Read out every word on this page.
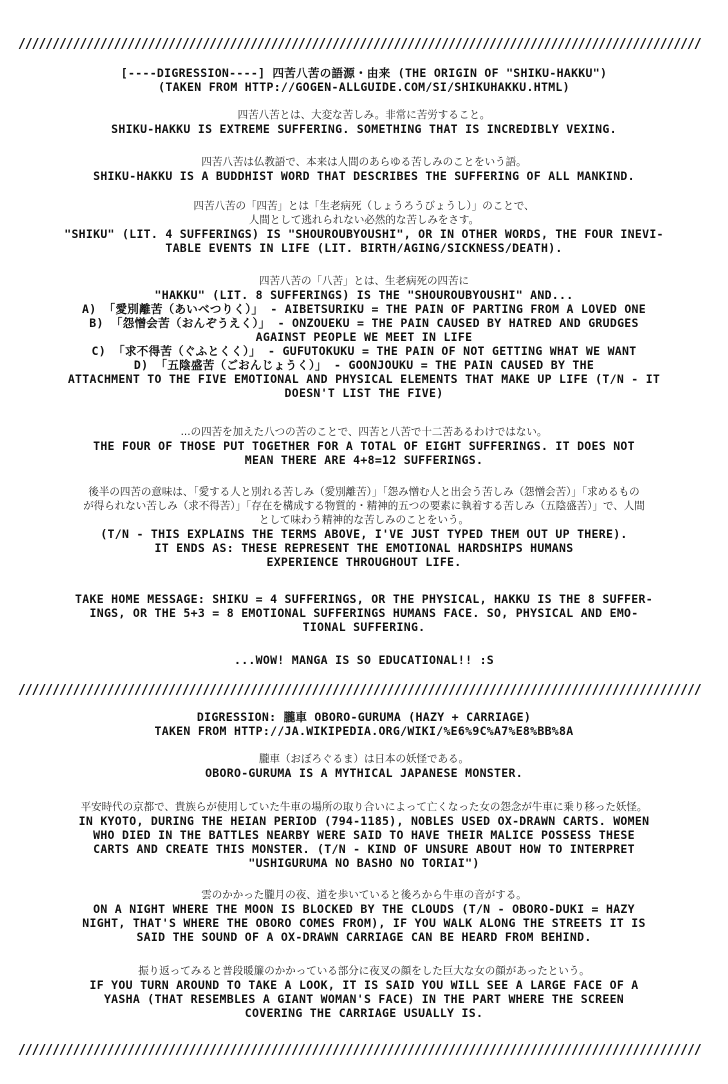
////////////////////////////////////////////////////////////////////////////////////////////////////

[----DIGRESSION----] 四苦八苦の語源・由来 (THE ORIGIN OF "SHIKU-HAKKU")
(TAKEN FROM HTTP://GOGEN-ALLGUIDE.COM/SI/SHIKUHAKKU.HTML)

四苦八苦とは、大変な苦しみ。非常に苦労すること。

SHIKU-HAKKU IS EXTREME SUFFERING. SOMETHING THAT IS INCREDIBLY VEXING.

四苦八苦は仏教語で、本来は人間のあらゆる苦しみのことをいう語。

SHIKU-HAKKU IS A BUDDHIST WORD THAT DESCRIBES THE SUFFERING OF ALL MANKIND.

四苦八苦の「四苦」とは「生老病死（しょうろうびょうし）」のことで、
人間として逃れられない必然的な苦しみをさす。

"SHIKU" (LIT. 4 SUFFERINGS) IS "SHOUROUBYOUSHI", OR IN OTHER WORDS, THE FOUR INEVI-
TABLE EVENTS IN LIFE (LIT. BIRTH/AGING/SICKNESS/DEATH).

四苦八苦の「八苦」とは、生老病死の四苦に

"HAKKU" (LIT. 8 SUFFERINGS) IS THE "SHOUROUBYOUSHI" AND...
A) 「愛別離苦（あいべつりく）」 - AIBETSURIKU = THE PAIN OF PARTING FROM A LOVED ONE
B) 「怨憎会苦（おんぞうえく）」 - ONZOUEKU = THE PAIN CAUSED BY HATRED AND GRUDGES
AGAINST PEOPLE WE MEET IN LIFE
C) 「求不得苦（ぐふとくく）」 - GUFUTOKUKU = THE PAIN OF NOT GETTING WHAT WE WANT
D) 「五陰盛苦（ごおんじょうく）」 - GOONJOUKU = THE PAIN CAUSED BY THE
ATTACHMENT TO THE FIVE EMOTIONAL AND PHYSICAL ELEMENTS THAT MAKE UP LIFE (T/N - IT
DOESN'T LIST THE FIVE)

...の四苦を加えた八つの苦のことで、四苦と八苦で十二苦あるわけではない。

THE FOUR OF THOSE PUT TOGETHER FOR A TOTAL OF EIGHT SUFFERINGS. IT DOES NOT
MEAN THERE ARE 4+8=12 SUFFERINGS.

後半の四苦の意味は、「愛する人と別れる苦しみ（愛別離苦）」「怨み憎む人と出会う苦しみ（怨憎会苦）」「求めるもの
が得られない苦しみ（求不得苦）」「存在を構成する物質的・精神的五つの要素に執着する苦しみ（五陰盛苦）」で、人間
として味わう精神的な苦しみのことをいう。

(T/N - THIS EXPLAINS THE TERMS ABOVE, I'VE JUST TYPED THEM OUT UP THERE).
IT ENDS AS: THESE REPRESENT THE EMOTIONAL HARDSHIPS HUMANS
EXPERIENCE THROUGHOUT LIFE.

TAKE HOME MESSAGE: SHIKU = 4 SUFFERINGS, OR THE PHYSICAL, HAKKU IS THE 8 SUFFER-
INGS, OR THE 5+3 = 8 EMOTIONAL SUFFERINGS HUMANS FACE. SO, PHYSICAL AND EMO-
TIONAL SUFFERING.

...WOW! MANGA IS SO EDUCATIONAL!! :S

////////////////////////////////////////////////////////////////////////////////////////////////////

DIGRESSION: 朧車 OBORO-GURUMA (HAZY + CARRIAGE)
TAKEN FROM HTTP://JA.WIKIPEDIA.ORG/WIKI/%E6%9C%A7%E8%BB%8A

朧車（おぼろぐるま）は日本の妖怪である。

OBORO-GURUMA IS A MYTHICAL JAPANESE MONSTER.

平安時代の京都で、貴族らが使用していた牛車の場所の取り合いによって亡くなった女の怨念が牛車に乗り移った妖怪。

IN KYOTO, DURING THE HEIAN PERIOD (794-1185), NOBLES USED OX-DRAWN CARTS. WOMEN
WHO DIED IN THE BATTLES NEARBY WERE SAID TO HAVE THEIR MALICE POSSESS THESE
CARTS AND CREATE THIS MONSTER. (T/N - KIND OF UNSURE ABOUT HOW TO INTERPRET
"USHIGURUMA NO BASHO NO TORIAI")

雲のかかった朧月の夜、道を歩いていると後ろから牛車の音がする。

ON A NIGHT WHERE THE MOON IS BLOCKED BY THE CLOUDS (T/N - OBORO-DUKI = HAZY
NIGHT, THAT'S WHERE THE OBORO COMES FROM), IF YOU WALK ALONG THE STREETS IT IS
SAID THE SOUND OF A OX-DRAWN CARRIAGE CAN BE HEARD FROM BEHIND.

振り返ってみると普段暖簾のかかっている部分に夜叉の顔をした巨大な女の顔があったという。

IF YOU TURN AROUND TO TAKE A LOOK, IT IS SAID YOU WILL SEE A LARGE FACE OF A
YASHA (THAT RESEMBLES A GIANT WOMAN'S FACE) IN THE PART WHERE THE SCREEN
COVERING THE CARRIAGE USUALLY IS.

////////////////////////////////////////////////////////////////////////////////////////////////////
